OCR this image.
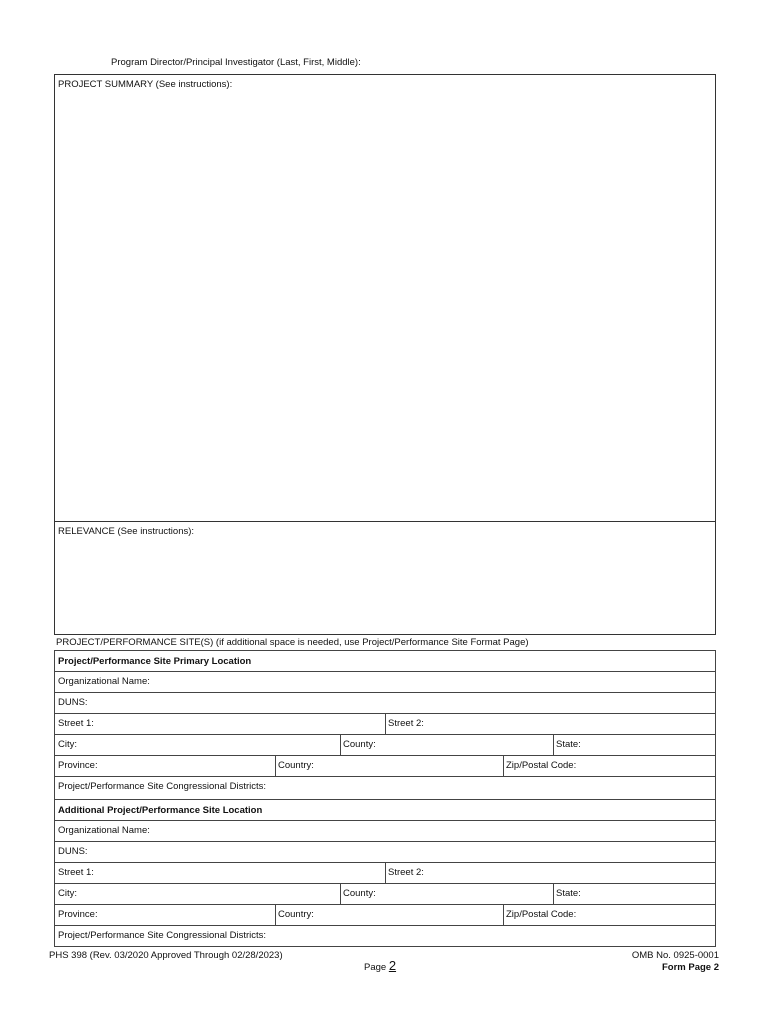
Program Director/Principal Investigator (Last, First, Middle):
PROJECT SUMMARY (See instructions):
RELEVANCE (See instructions):
PROJECT/PERFORMANCE SITE(S) (if additional space is needed, use Project/Performance Site Format Page)
Project/Performance Site Primary Location
Organizational Name:
DUNS:
Street 1:	Street 2:
City:	County:	State:
Province:	Country:	Zip/Postal Code:
Project/Performance Site Congressional Districts:
Additional Project/Performance Site Location
Organizational Name:
DUNS:
Street 1:	Street 2:
City:	County:	State:
Province:	Country:	Zip/Postal Code:
Project/Performance Site Congressional Districts:
PHS 398 (Rev. 03/2020 Approved Through 02/28/2023)
Page 2
OMB No. 0925-0001
Form Page 2
